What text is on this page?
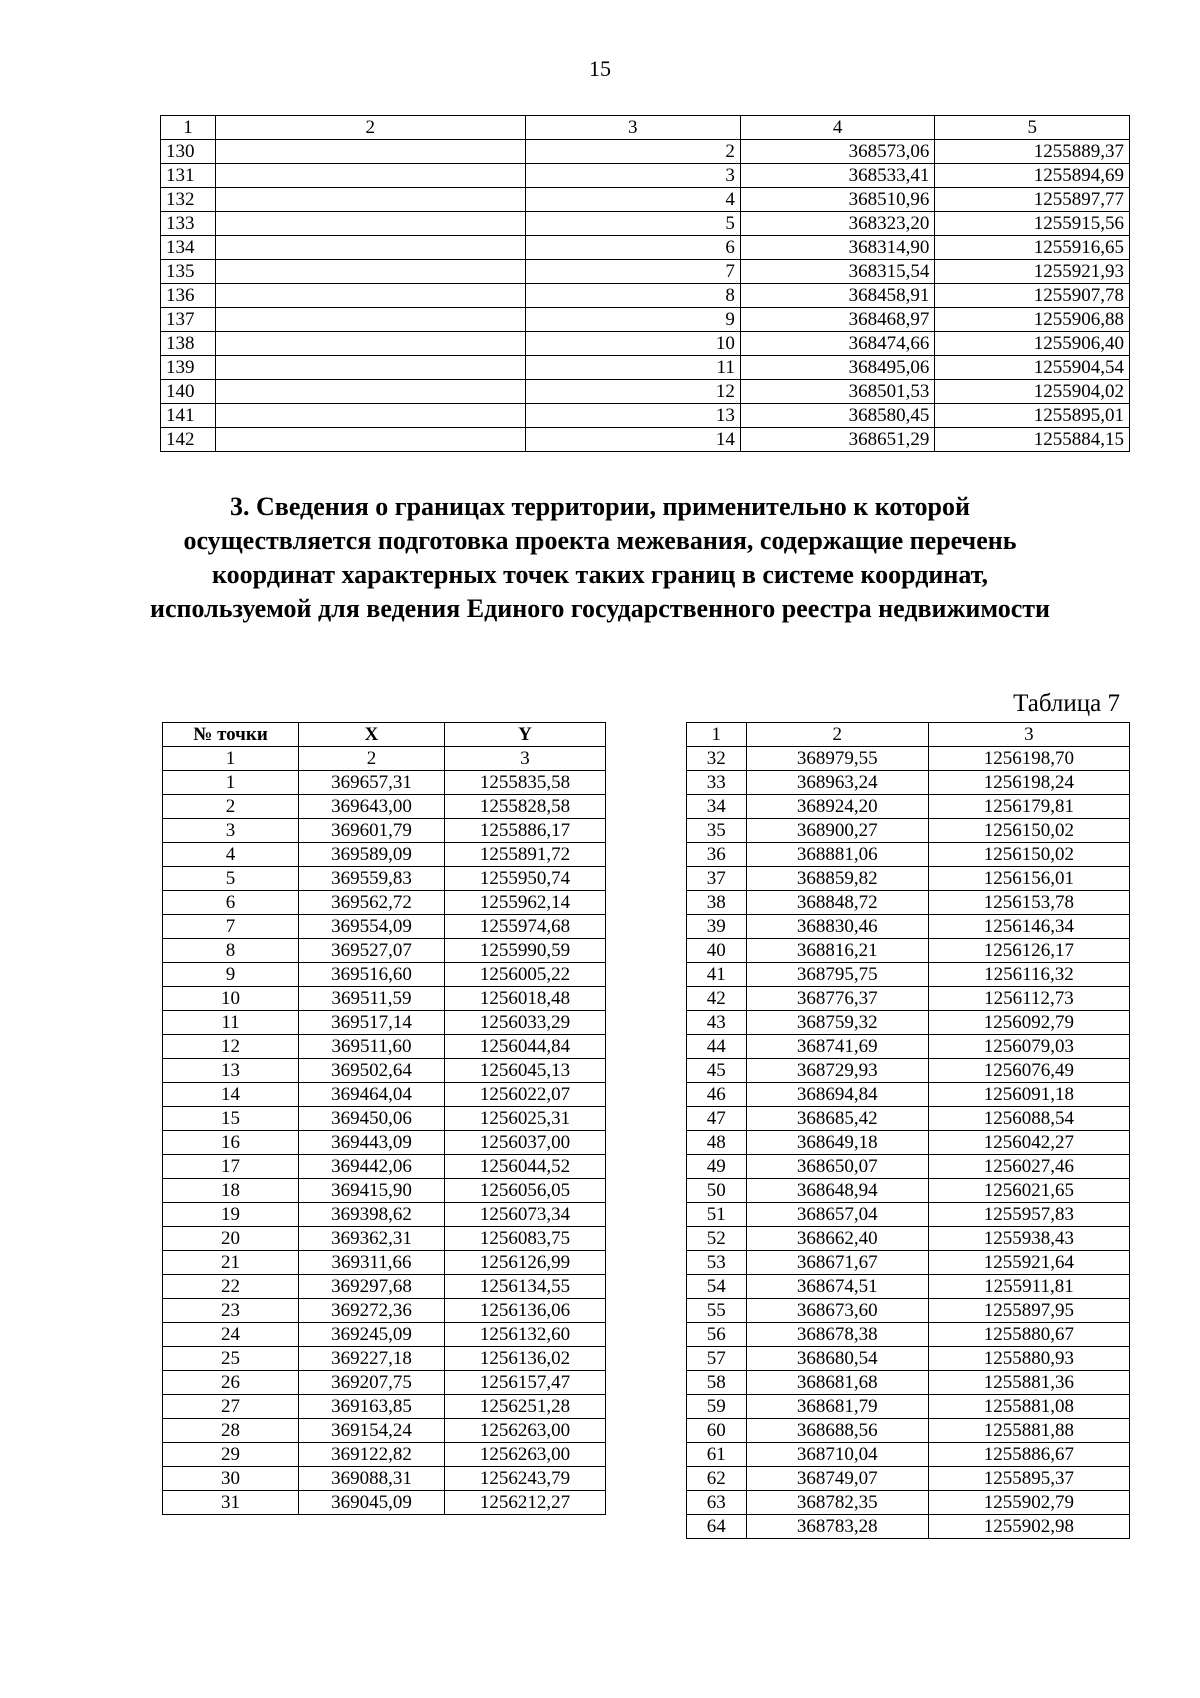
15
1	2	3	4	5
130		2	368573,06	1255889,37
131		3	368533,41	1255894,69
132		4	368510,96	1255897,77
133		5	368323,20	1255915,56
134		6	368314,90	1255916,65
135		7	368315,54	1255921,93
136		8	368458,91	1255907,78
137		9	368468,97	1255906,88
138		10	368474,66	1255906,40
139		11	368495,06	1255904,54
140		12	368501,53	1255904,02
141		13	368580,45	1255895,01
142		14	368651,29	1255884,15
3. Сведения о границах территории, применительно к которой осуществляется подготовка проекта межевания, содержащие перечень координат характерных точек таких границ в системе координат, используемой для ведения Единого государственного реестра недвижимости
Таблица 7
№ точки	X	Y
1	2	3
1	369657,31	1255835,58
2	369643,00	1255828,58
3	369601,79	1255886,17
4	369589,09	1255891,72
5	369559,83	1255950,74
6	369562,72	1255962,14
7	369554,09	1255974,68
8	369527,07	1255990,59
9	369516,60	1256005,22
10	369511,59	1256018,48
11	369517,14	1256033,29
12	369511,60	1256044,84
13	369502,64	1256045,13
14	369464,04	1256022,07
15	369450,06	1256025,31
16	369443,09	1256037,00
17	369442,06	1256044,52
18	369415,90	1256056,05
19	369398,62	1256073,34
20	369362,31	1256083,75
21	369311,66	1256126,99
22	369297,68	1256134,55
23	369272,36	1256136,06
24	369245,09	1256132,60
25	369227,18	1256136,02
26	369207,75	1256157,47
27	369163,85	1256251,28
28	369154,24	1256263,00
29	369122,82	1256263,00
30	369088,31	1256243,79
31	369045,09	1256212,27
1	2	3
32	368979,55	1256198,70
33	368963,24	1256198,24
34	368924,20	1256179,81
35	368900,27	1256150,02
36	368881,06	1256150,02
37	368859,82	1256156,01
38	368848,72	1256153,78
39	368830,46	1256146,34
40	368816,21	1256126,17
41	368795,75	1256116,32
42	368776,37	1256112,73
43	368759,32	1256092,79
44	368741,69	1256079,03
45	368729,93	1256076,49
46	368694,84	1256091,18
47	368685,42	1256088,54
48	368649,18	1256042,27
49	368650,07	1256027,46
50	368648,94	1256021,65
51	368657,04	1255957,83
52	368662,40	1255938,43
53	368671,67	1255921,64
54	368674,51	1255911,81
55	368673,60	1255897,95
56	368678,38	1255880,67
57	368680,54	1255880,93
58	368681,68	1255881,36
59	368681,79	1255881,08
60	368688,56	1255881,88
61	368710,04	1255886,67
62	368749,07	1255895,37
63	368782,35	1255902,79
64	368783,28	1255902,98
